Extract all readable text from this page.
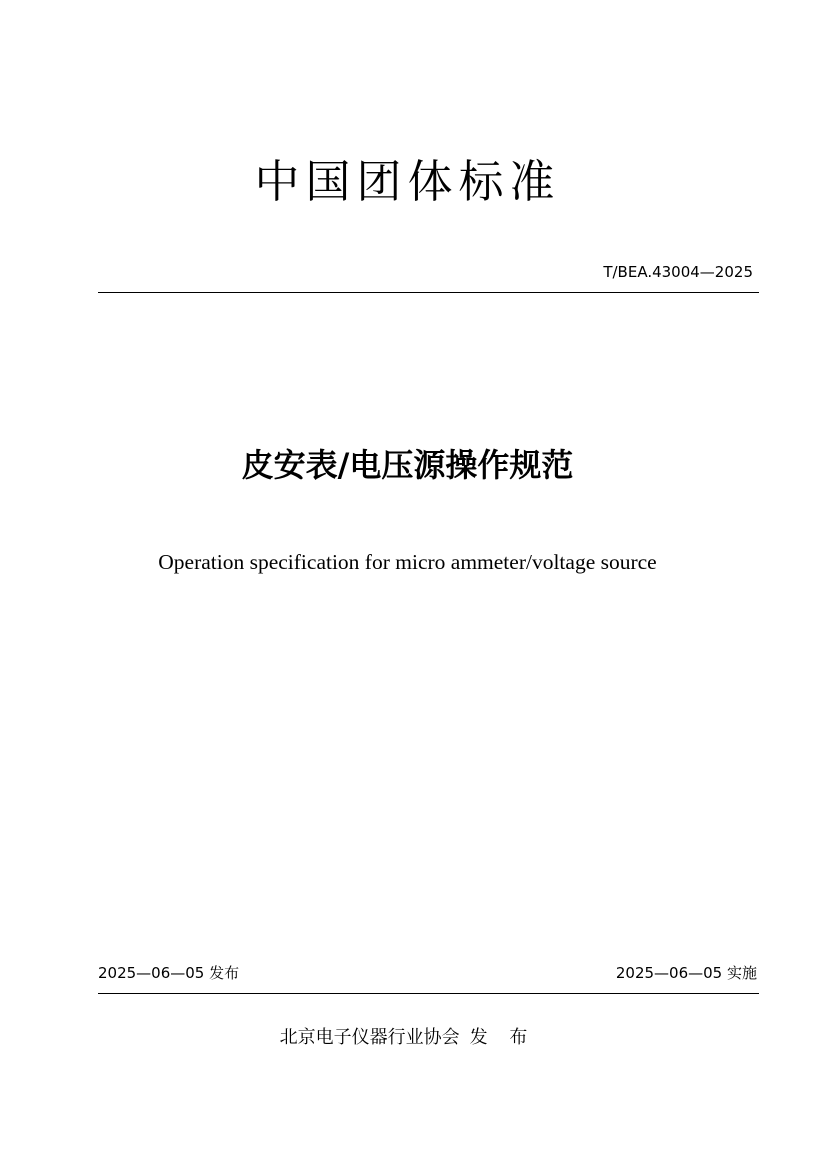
中国团体标准
T/BEA.43004—2025
皮安表/电压源操作规范
Operation specification for micro ammeter/voltage source
2025—06—05 发布	2025—06—05 实施
北京电子仪器行业协会 发 布
